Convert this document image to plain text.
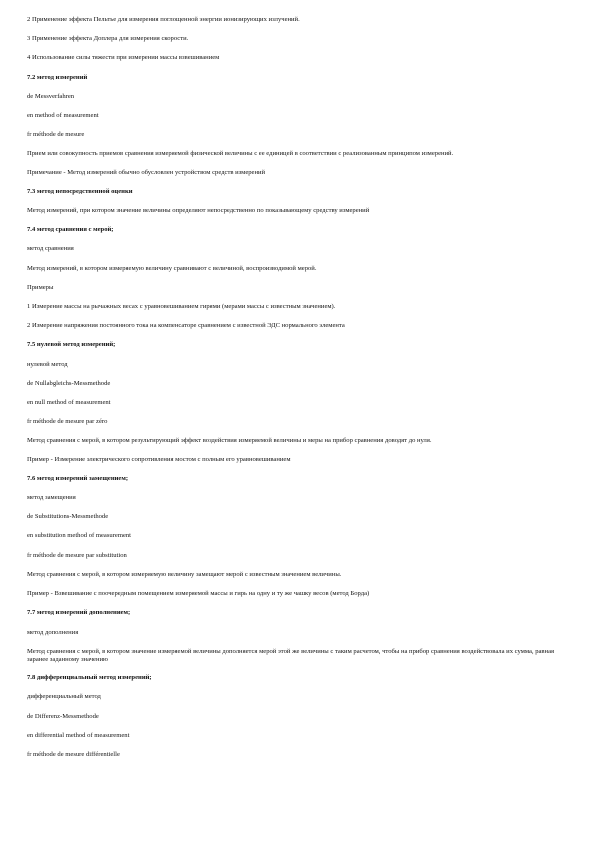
2 Применение эффекта Пельтье для измерения поглощенной энергии ионизирующих излучений.

3 Применение эффекта Доплера для измерения скорости.

4 Использование силы тяжести при измерении массы взвешиванием

7.2 метод измерений

de Messverfahren

en method of measurement

fr méthode de mesure

Прием или совокупность приемов сравнения измеряемой физической величины с ее единицей в соответствии с реализованным принципом измерений.

Примечание - Метод измерений обычно обусловлен устройством средств измерений

7.3 метод непосредственной оценки

Метод измерений, при котором значение величины определяют непосредственно по показывающему средству измерений

7.4 метод сравнения с мерой;

метод сравнения

Метод измерений, в котором измеряемую величину сравнивают с величиной, воспроизводимой мерой.

Примеры

1 Измерение массы на рычажных весах с уравновешиванием гирями (мерами массы с известным значением).

2 Измерение напряжения постоянного тока на компенсаторе сравнением с известной ЭДС нормального элемента

7.5 нулевой метод измерений;

нулевой метод

de Nullabgleichs-Messmethode

en null method of measurement

fr méthode de mesure par zéro

Метод сравнения с мерой, в котором результирующий эффект воздействия измеряемой величины и меры на прибор сравнения доводят до нуля.

Пример - Измерение электрического сопротивления мостом с полным его уравновешиванием

7.6 метод измерений замещением;

метод замещения

de Substitutions-Messmethode

en substitution method of measurement

fr méthode de mesure par substitution

Метод сравнения с мерой, в котором измеряемую величину замещают мерой с известным значением величины.

Пример - Взвешивание с поочередным помещением измеряемой массы и гирь на одну и ту же чашку весов (метод Борда)

7.7 метод измерений дополнением;

метод дополнения

Метод сравнения с мерой, в котором значение измеряемой величины дополняется мерой этой же величины с таким расчетом, чтобы на прибор сравнения воздействовала их сумма, равная заранее заданному значению

7.8 дифференциальный метод измерений;

дифференциальный метод

de Differenz-Messmethode

en differential method of measurement

fr méthode de mesure différentielle
